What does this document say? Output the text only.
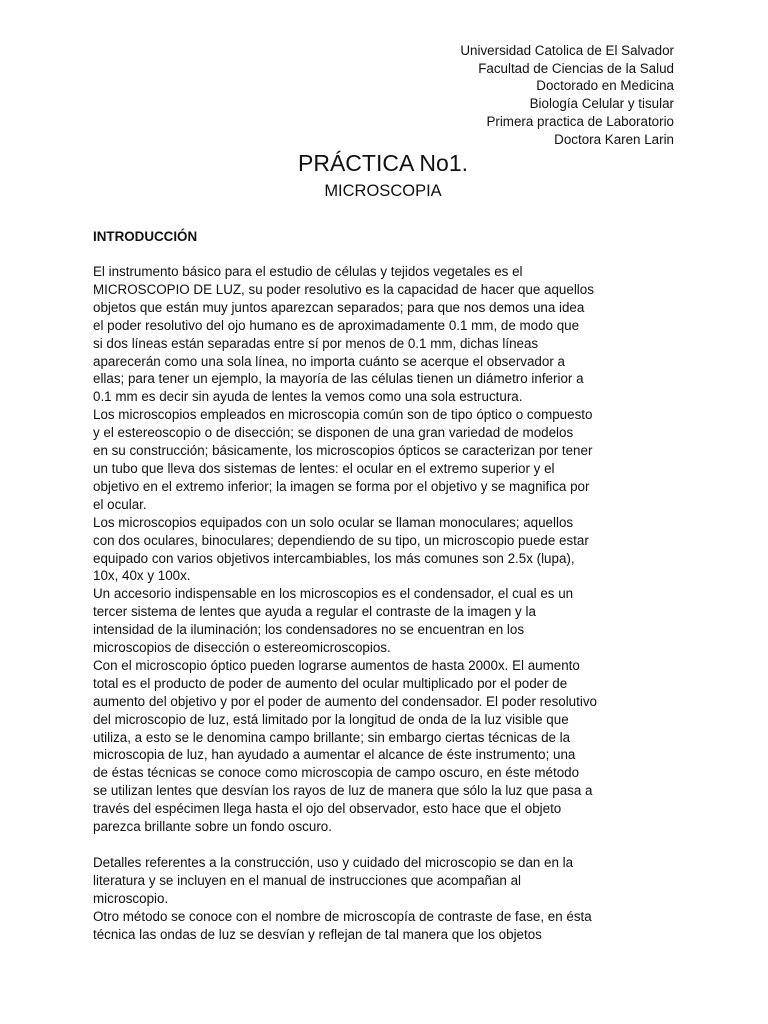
Universidad Catolica de El Salvador
Facultad de Ciencias de la Salud
Doctorado en Medicina
Biología Celular y tisular
Primera practica de Laboratorio
Doctora Karen Larin
PRÁCTICA No1.
MICROSCOPIA
INTRODUCCIÓN

El instrumento básico para el estudio de células y tejidos vegetales es el
MICROSCOPIO DE LUZ, su poder resolutivo es la capacidad de hacer que aquellos
objetos que están muy juntos aparezcan separados; para que nos demos una idea
el poder resolutivo del ojo humano es de aproximadamente 0.1 mm, de modo que
si dos líneas están separadas entre sí por menos de 0.1 mm, dichas líneas
aparecerán como una sola línea, no importa cuánto se acerque el observador a
ellas; para tener un ejemplo, la mayoría de las células tienen un diámetro inferior a
0.1 mm es decir sin ayuda de lentes la vemos como una sola estructura.

Los microscopios empleados en microscopia común son de tipo óptico o compuesto
y el estereoscopio o de disección; se disponen de una gran variedad de modelos
en su construcción; básicamente, los microscopios ópticos se caracterizan por tener
un tubo que lleva dos sistemas de lentes: el ocular en el extremo superior y el
objetivo en el extremo inferior; la imagen se forma por el objetivo y se magnifica por
el ocular.

Los microscopios equipados con un solo ocular se llaman monoculares; aquellos
con dos oculares, binoculares; dependiendo de su tipo, un microscopio puede estar
equipado con varios objetivos intercambiables, los más comunes son 2.5x (lupa),
10x, 40x y 100x.

Un accesorio indispensable en los microscopios es el condensador, el cual es un
tercer sistema de lentes que ayuda a regular el contraste de la imagen y la
intensidad de la iluminación; los condensadores no se encuentran en los
microscopios de disección o estereomicroscopios.

Con el microscopio óptico pueden lograrse aumentos de hasta 2000x. El aumento
total es el producto de poder de aumento del ocular multiplicado por el poder de
aumento del objetivo y por el poder de aumento del condensador. El poder resolutivo
del microscopio de luz, está limitado por la longitud de onda de la luz visible que
utiliza, a esto se le denomina campo brillante; sin embargo ciertas técnicas de la
microscopia de luz, han ayudado a aumentar el alcance de éste instrumento; una
de éstas técnicas se conoce como microscopia de campo oscuro, en éste método
se utilizan lentes que desvían los rayos de luz de manera que sólo la luz que pasa a
través del espécimen llega hasta el ojo del observador, esto hace que el objeto
parezca brillante sobre un fondo oscuro.

Detalles referentes a la construcción, uso y cuidado del microscopio se dan en la
literatura y se incluyen en el manual de instrucciones que acompañan al
microscopio.

Otro método se conoce con el nombre de microscopía de contraste de fase, en ésta
técnica las ondas de luz se desvían y reflejan de tal manera que los objetos
